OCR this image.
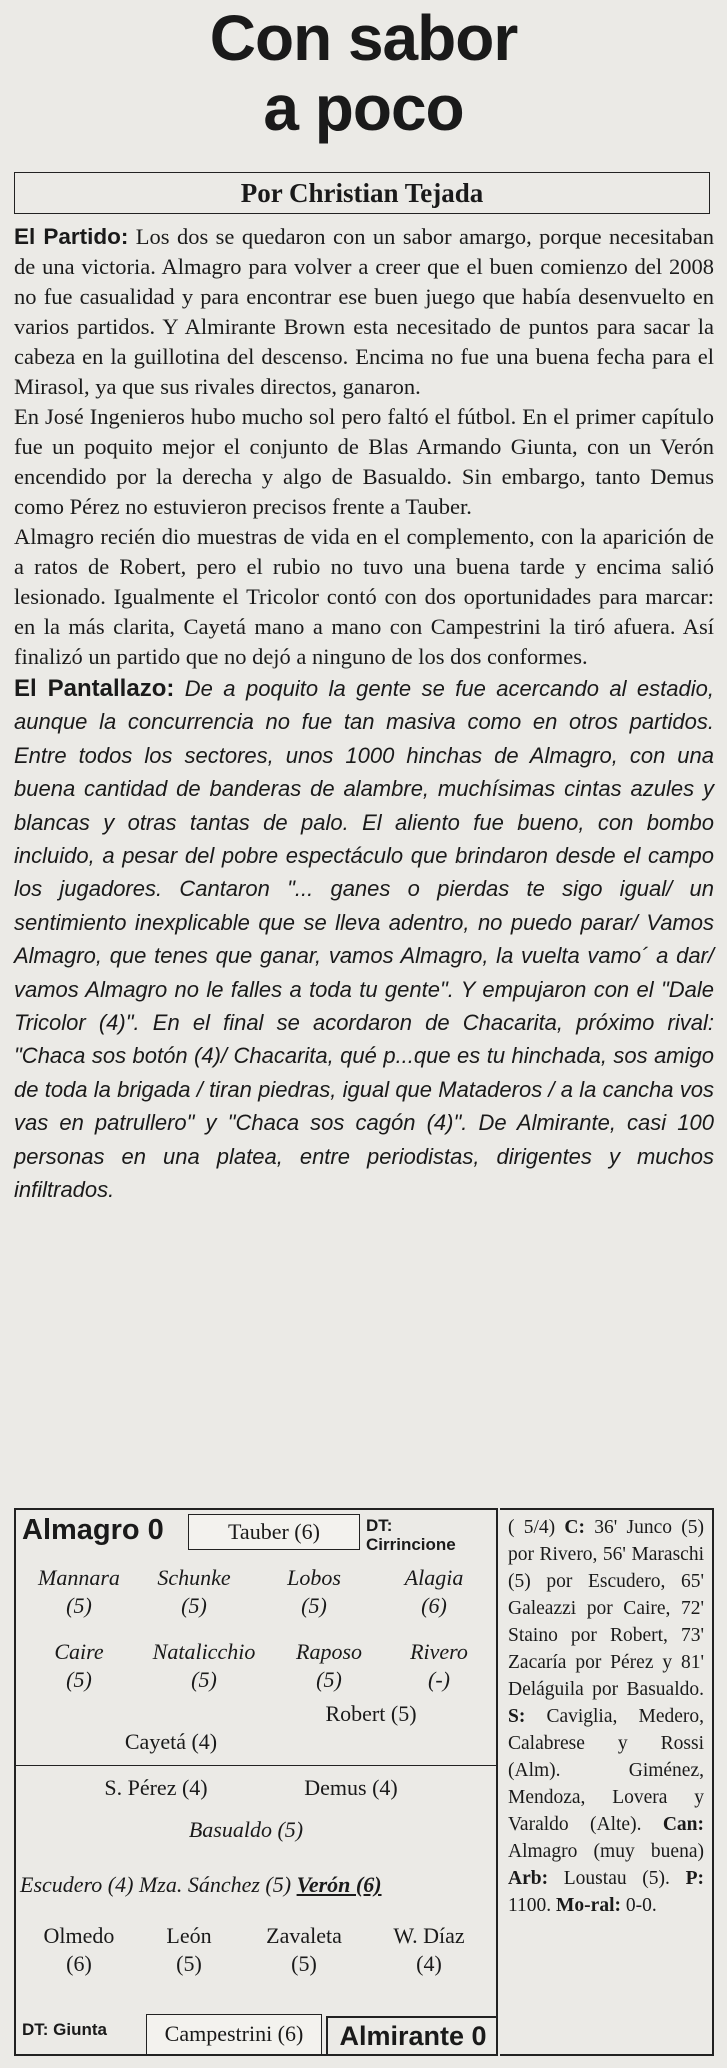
Con sabor
a poco
Por Christian Tejada

El Partido: Los dos se quedaron con un sabor amargo, porque necesitaban de una victoria. Almagro para volver a creer que el buen comienzo del 2008 no fue casualidad y para encontrar ese buen juego que había desenvuelto en varios partidos. Y Almirante Brown esta necesitado de puntos para sacar la cabeza en la guillotina del descenso. Encima no fue una buena fecha para el Mirasol, ya que sus rivales directos, ganaron.

En José Ingenieros hubo mucho sol pero faltó el fútbol. En el primer capítulo fue un poquito mejor el conjunto de Blas Armando Giunta, con un Verón encendido por la derecha y algo de Basualdo. Sin embargo, tanto Demus como Pérez no estuvieron precisos frente a Tauber.

Almagro recién dio muestras de vida en el complemento, con la aparición de a ratos de Robert, pero el rubio no tuvo una buena tarde y encima salió lesionado. Igualmente el Tricolor contó con dos oportunidades para marcar: en la más clarita, Cayetá mano a mano con Campestrini la tiró afuera. Así finalizó un partido que no dejó a ninguno de los dos conformes.

El Pantallazo: De a poquito la gente se fue acercando al estadio, aunque la concurrencia no fue tan masiva como en otros partidos. Entre todos los sectores, unos 1000 hinchas de Almagro, con una buena cantidad de banderas de alambre, muchísimas cintas azules y blancas y otras tantas de palo. El aliento fue bueno, con bombo incluido, a pesar del pobre espectáculo que brindaron desde el campo los jugadores. Cantaron "... ganes o pierdas te sigo igual/ un sentimiento inexplicable que se lleva adentro, no puedo parar/ Vamos Almagro, que tenes que ganar, vamos Almagro, la vuelta vamo´ a dar/ vamos Almagro no le falles a toda tu gente". Y empujaron con el "Dale Tricolor (4)". En el final se acordaron de Chacarita, próximo rival: "Chaca sos botón (4)/ Chacarita, qué p...que es tu hinchada, sos amigo de toda la brigada / tiran piedras, igual que Mataderos / a la cancha vos vas en patrullero" y "Chaca sos cagón (4)". De Almirante, casi 100 personas en una platea, entre periodistas, dirigentes y muchos infiltrados.

Almagro 0	Tauber (6)	DT:
Cirrincione
Mannara
(5)
Schunke
(5)
Lobos
(5)
Alagia
(6)
Caire
(5)
Natalicchio
(5)
Raposo
(5)
Rivero
(-)
Robert (5)
Cayetá (4)
S. Pérez (4)	Demus (4)
Basualdo (5)
Escudero (4) Mza. Sánchez (5) Verón (6)
Olmedo
(6)
León
(5)
Zavaleta
(5)
W. Díaz
(4)
DT: Giunta	Campestrini (6)	Almirante 0
( 5/4) C: 36' Junco (5) por Rivero, 56' Maraschi (5) por Escudero, 65' Galeazzi por Caire, 72' Staino por Robert, 73' Zacaría por Pérez y 81' Deláguila por Basualdo. S: Caviglia, Medero, Calabrese y Rossi (Alm). Giménez, Mendoza, Lovera y Varaldo (Alte). Can: Almagro (muy buena) Arb: Loustau (5). P: 1100. Mo-ral: 0-0.
